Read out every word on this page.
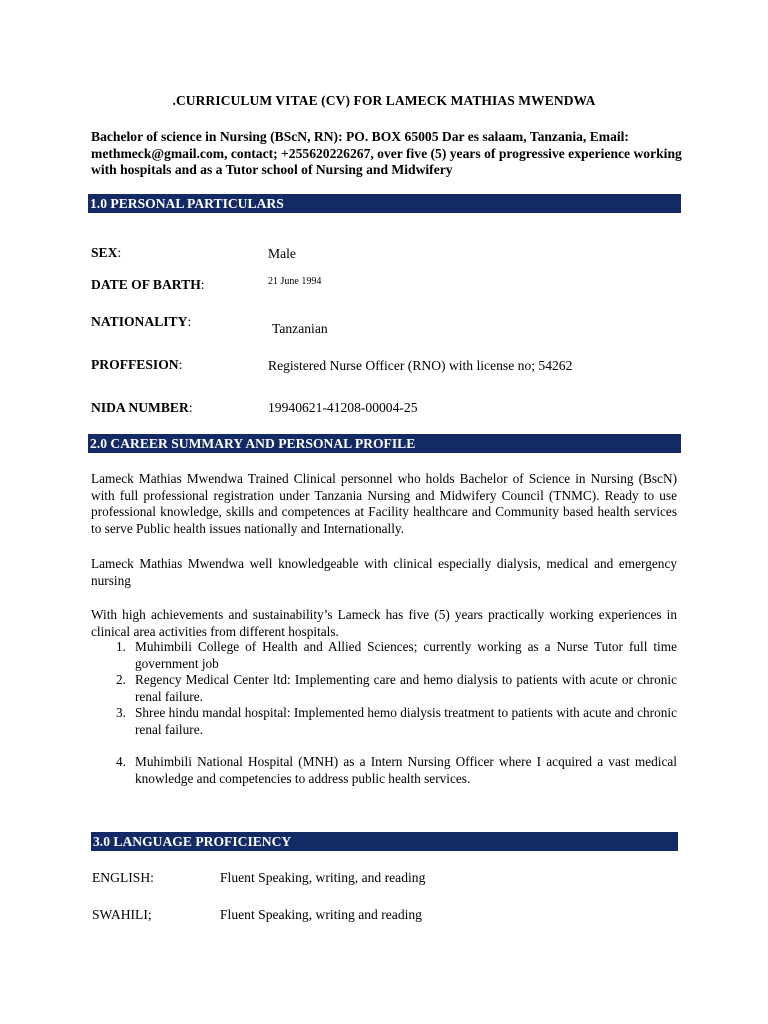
.CURRICULUM VITAE (CV) FOR LAMECK MATHIAS MWENDWA
Bachelor of science in Nursing (BScN, RN): PO. BOX 65005 Dar es salaam, Tanzania, Email: methmeck@gmail.com, contact; +255620226267, over five (5) years of progressive experience working with hospitals and as a Tutor school of Nursing and Midwifery
1.0 PERSONAL PARTICULARS
SEX:	Male
DATE OF BARTH:	21 June 1994
NATIONALITY:	Tanzanian
PROFFESION:	Registered Nurse Officer (RNO) with license no; 54262
NIDA NUMBER:	19940621-41208-00004-25
2.0 CAREER SUMMARY AND PERSONAL PROFILE
Lameck Mathias Mwendwa Trained Clinical personnel who holds Bachelor of Science in Nursing (BscN) with full professional registration under Tanzania Nursing and Midwifery Council (TNMC). Ready to use professional knowledge, skills and competences at Facility healthcare and Community based health services to serve Public health issues nationally and Internationally.
Lameck Mathias Mwendwa well knowledgeable with clinical especially dialysis, medical and emergency nursing
With high achievements and sustainability’s Lameck has five (5) years practically working experiences in clinical area activities from different hospitals.
1. Muhimbili College of Health and Allied Sciences; currently working as a Nurse Tutor full time government job
2. Regency Medical Center ltd: Implementing care and hemo dialysis to patients with acute or chronic renal failure.
3. Shree hindu mandal hospital: Implemented hemo dialysis treatment to patients with acute and chronic renal failure.
4. Muhimbili National Hospital (MNH) as a Intern Nursing Officer where I acquired a vast medical knowledge and competencies to address public health services.
3.0 LANGUAGE PROFICIENCY
ENGLISH:	Fluent Speaking, writing, and reading
SWAHILI;	Fluent Speaking, writing and reading
